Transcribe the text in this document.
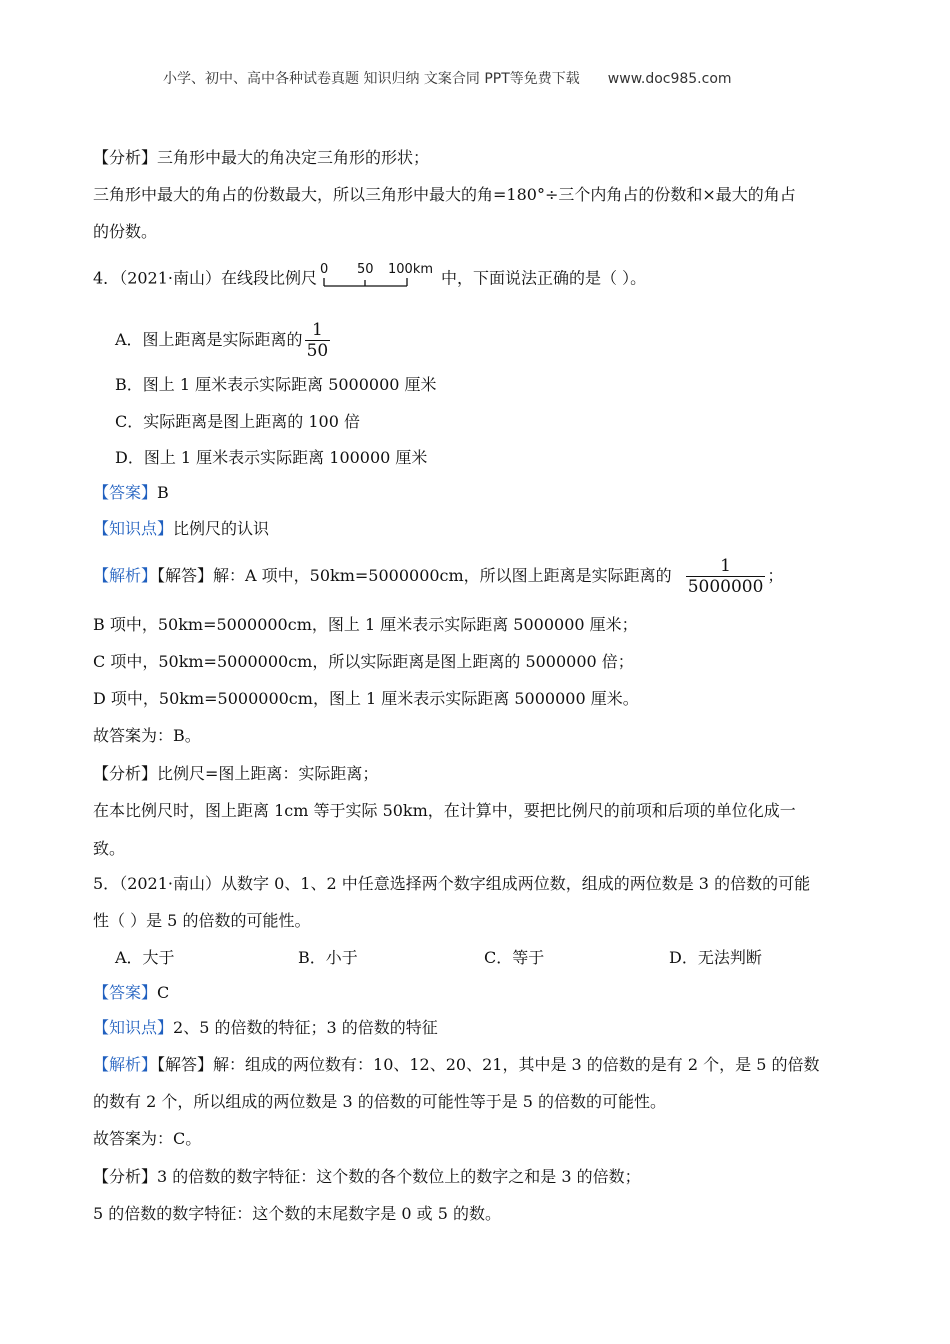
小学、初中、高中各种试卷真题 知识归纳 文案合同 PPT等免费下载 www.doc985.com
【分析】三角形中最大的角决定三角形的形状；
三角形中最大的角占的份数最大，所以三角形中最大的角=180°÷三个内角占的份数和×最大的角占
的份数。
4．（2021·南山）在线段比例尺 0 50 100km 中，下面说法正确的是（ ）。
A．图上距离是实际距离的 $\frac{1}{50}$
B．图上 1 厘米表示实际距离 5000000 厘米
C．实际距离是图上距离的 100 倍
D．图上 1 厘米表示实际距离 100000 厘米
【答案】B
【知识点】比例尺的认识
【解析】【解答】解：A 项中，50km=5000000cm，所以图上距离是实际距离的 $\frac{1}{5000000}$ ；
B 项中，50km=5000000cm，图上 1 厘米表示实际距离 5000000 厘米；
C 项中，50km=5000000cm，所以实际距离是图上距离的 5000000 倍；
D 项中，50km=5000000cm，图上 1 厘米表示实际距离 5000000 厘米。
故答案为：B。
【分析】比例尺=图上距离：实际距离；
在本比例尺时，图上距离 1cm 等于实际 50km，在计算中，要把比例尺的前项和后项的单位化成一
致。
5．（2021·南山）从数字 0、1、2 中任意选择两个数字组成两位数，组成的两位数是 3 的倍数的可能
性（ ）是 5 的倍数的可能性。
A．大于	B．小于	C．等于	D．无法判断
【答案】C
【知识点】2、5 的倍数的特征；3 的倍数的特征
【解析】【解答】解：组成的两位数有：10、12、20、21，其中是 3 的倍数的是有 2 个，是 5 的倍数
的数有 2 个，所以组成的两位数是 3 的倍数的可能性等于是 5 的倍数的可能性。
故答案为：C。
【分析】3 的倍数的数字特征：这个数的各个数位上的数字之和是 3 的倍数；
5 的倍数的数字特征：这个数的末尾数字是 0 或 5 的数。
